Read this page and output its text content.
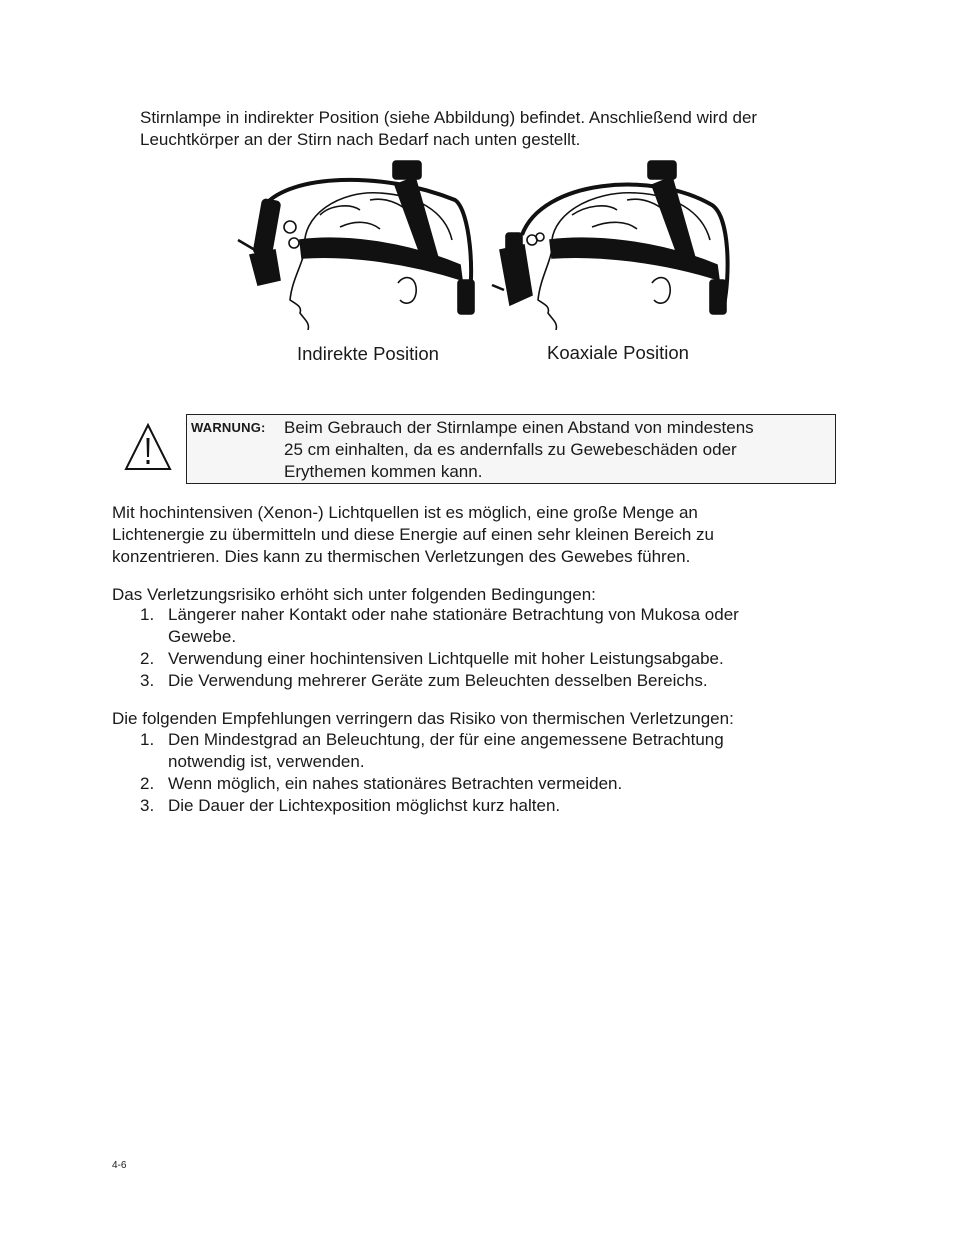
Stirnlampe in indirekter Position (siehe Abbildung) befindet. Anschließend wird der
Leuchtkörper an der Stirn nach Bedarf nach unten gestellt.
Indirekte Position	Koaxiale Position
WARNUNG: Beim Gebrauch der Stirnlampe einen Abstand von mindestens
25 cm einhalten, da es andernfalls zu Gewebeschäden oder
Erythemen kommen kann.
Mit hochintensiven (Xenon-) Lichtquellen ist es möglich, eine große Menge an
Lichtenergie zu übermitteln und diese Energie auf einen sehr kleinen Bereich zu
konzentrieren. Dies kann zu thermischen Verletzungen des Gewebes führen.
Das Verletzungsrisiko erhöht sich unter folgenden Bedingungen:
1. Längerer naher Kontakt oder nahe stationäre Betrachtung von Mukosa oder
Gewebe.
2. Verwendung einer hochintensiven Lichtquelle mit hoher Leistungsabgabe.
3. Die Verwendung mehrerer Geräte zum Beleuchten desselben Bereichs.
Die folgenden Empfehlungen verringern das Risiko von thermischen Verletzungen:
1. Den Mindestgrad an Beleuchtung, der für eine angemessene Betrachtung
notwendig ist, verwenden.
2. Wenn möglich, ein nahes stationäres Betrachten vermeiden.
3. Die Dauer der Lichtexposition möglichst kurz halten.
4-6
